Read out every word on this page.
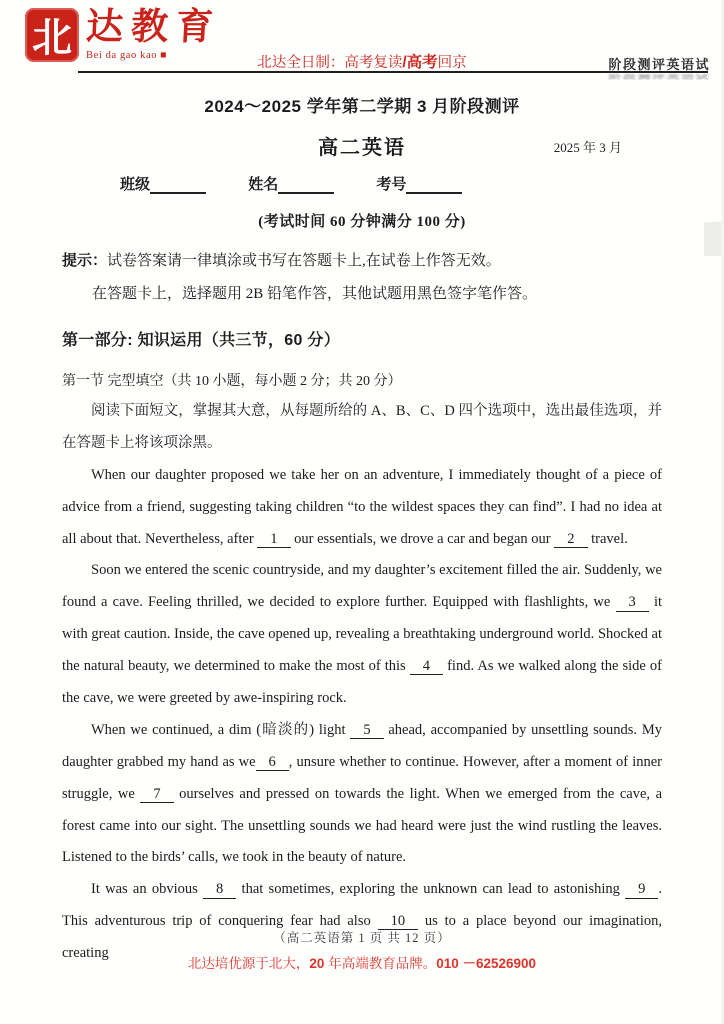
北 达教育
Bei da gao kao ■	北达全日制：高考复读/高考回京	阶段测评英语试
阶段测评英语试
2024～2025 学年第二学期 3 月阶段测评
高二英语	2025 年 3 月
班级	姓名	考号
(考试时间 60 分钟满分 100 分)

提示：试卷答案请一律填涂或书写在答题卡上,在试卷上作答无效。

在答题卡上，选择题用 2B 铅笔作答，其他试题用黑色签字笔作答。

第一部分: 知识运用（共三节，60 分）
第一节 完型填空（共 10 小题，每小题 2 分；共 20 分）

阅读下面短文，掌握其大意，从每题所给的 A、B、C、D 四个选项中，选出最佳选项，并在答题卡上将该项涂黑。

When our daughter proposed we take her on an adventure, I immediately thought of a piece of advice from a friend, suggesting taking children “to the wildest spaces they can find”. I had no idea at all about that. Nevertheless, after 1 our essentials, we drove a car and began our 2 travel.

Soon we entered the scenic countryside, and my daughter’s excitement filled the air. Suddenly, we found a cave. Feeling thrilled, we decided to explore further. Equipped with flashlights, we 3 it with great caution. Inside, the cave opened up, revealing a breathtaking underground world. Shocked at the natural beauty, we determined to make the most of this 4 find. As we walked along the side of the cave, we were greeted by awe-inspiring rock.

When we continued, a dim (暗淡的) light 5 ahead, accompanied by unsettling sounds. My daughter grabbed my hand as we 6 , unsure whether to continue. However, after a moment of inner struggle, we 7 ourselves and pressed on towards the light. When we emerged from the cave, a forest came into our sight. The unsettling sounds we had heard were just the wind rustling the leaves. Listened to the birds’ calls, we took in the beauty of nature.

It was an obvious 8 that sometimes, exploring the unknown can lead to astonishing 9 . This adventurous trip of conquering fear had also 10 us to a place beyond our imagination, creating

（高二英语第 1 页 共 12 页）
北达培优源于北大，20 年高端教育品牌。010 －62526900
